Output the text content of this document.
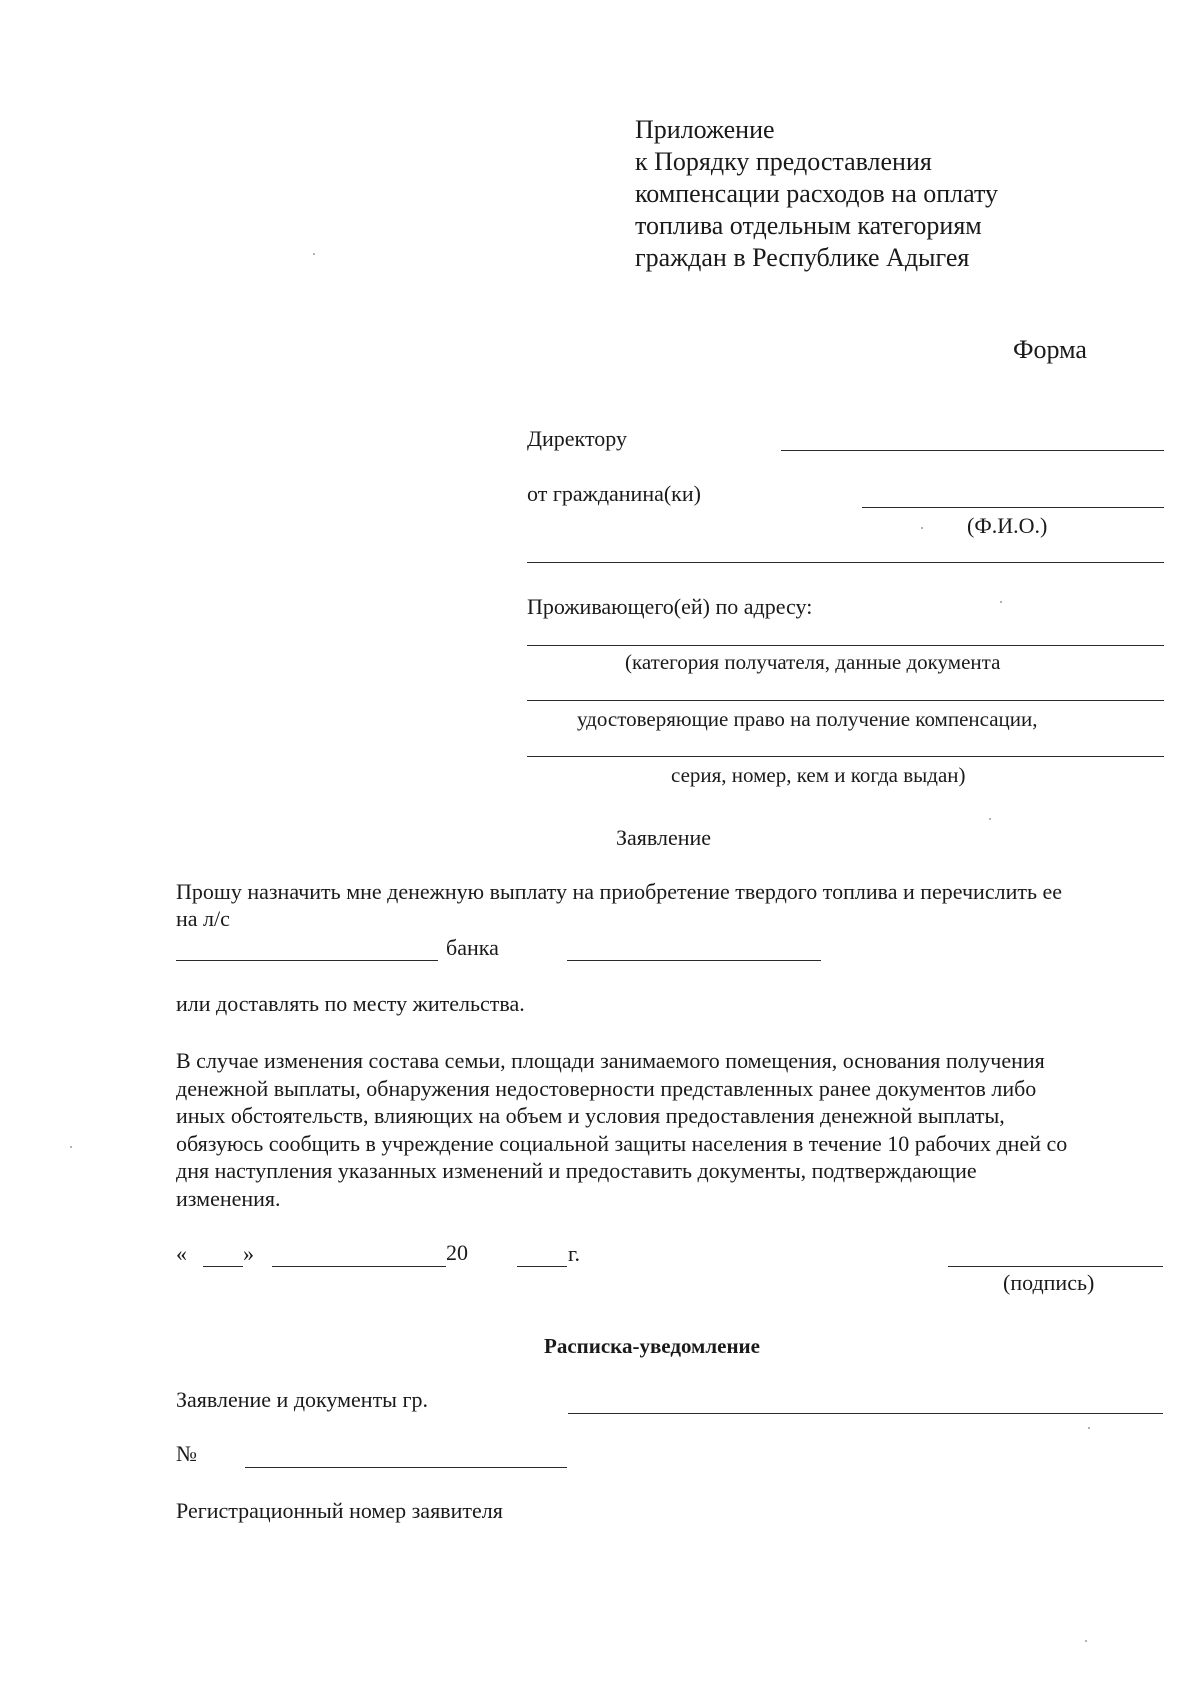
Приложение
к Порядку предоставления
компенсации расходов на оплату
топлива отдельным категориям
граждан в Республике Адыгея
Форма
Директору
от гражданина(ки)
(Ф.И.О.)
Проживающего(ей) по адресу:
(категория получателя, данные документа
удостоверяющие право на получение компенсации,
серия, номер, кем и когда выдан)
Заявление
Прошу назначить мне денежную выплату на приобретение твердого топлива и перечислить ее
на л/с
банка
или доставлять по месту жительства.
В случае изменения состава семьи, площади занимаемого помещения, основания получения
денежной выплаты, обнаружения недостоверности представленных ранее документов либо
иных обстоятельств, влияющих на объем и условия предоставления денежной выплаты,
обязуюсь сообщить в учреждение социальной защиты населения в течение 10 рабочих дней со
дня наступления указанных изменений и предоставить документы, подтверждающие
изменения.
«	»	20	г.
(подпись)
Расписка-уведомление
Заявление и документы гр.
№
Регистрационный номер заявителя
